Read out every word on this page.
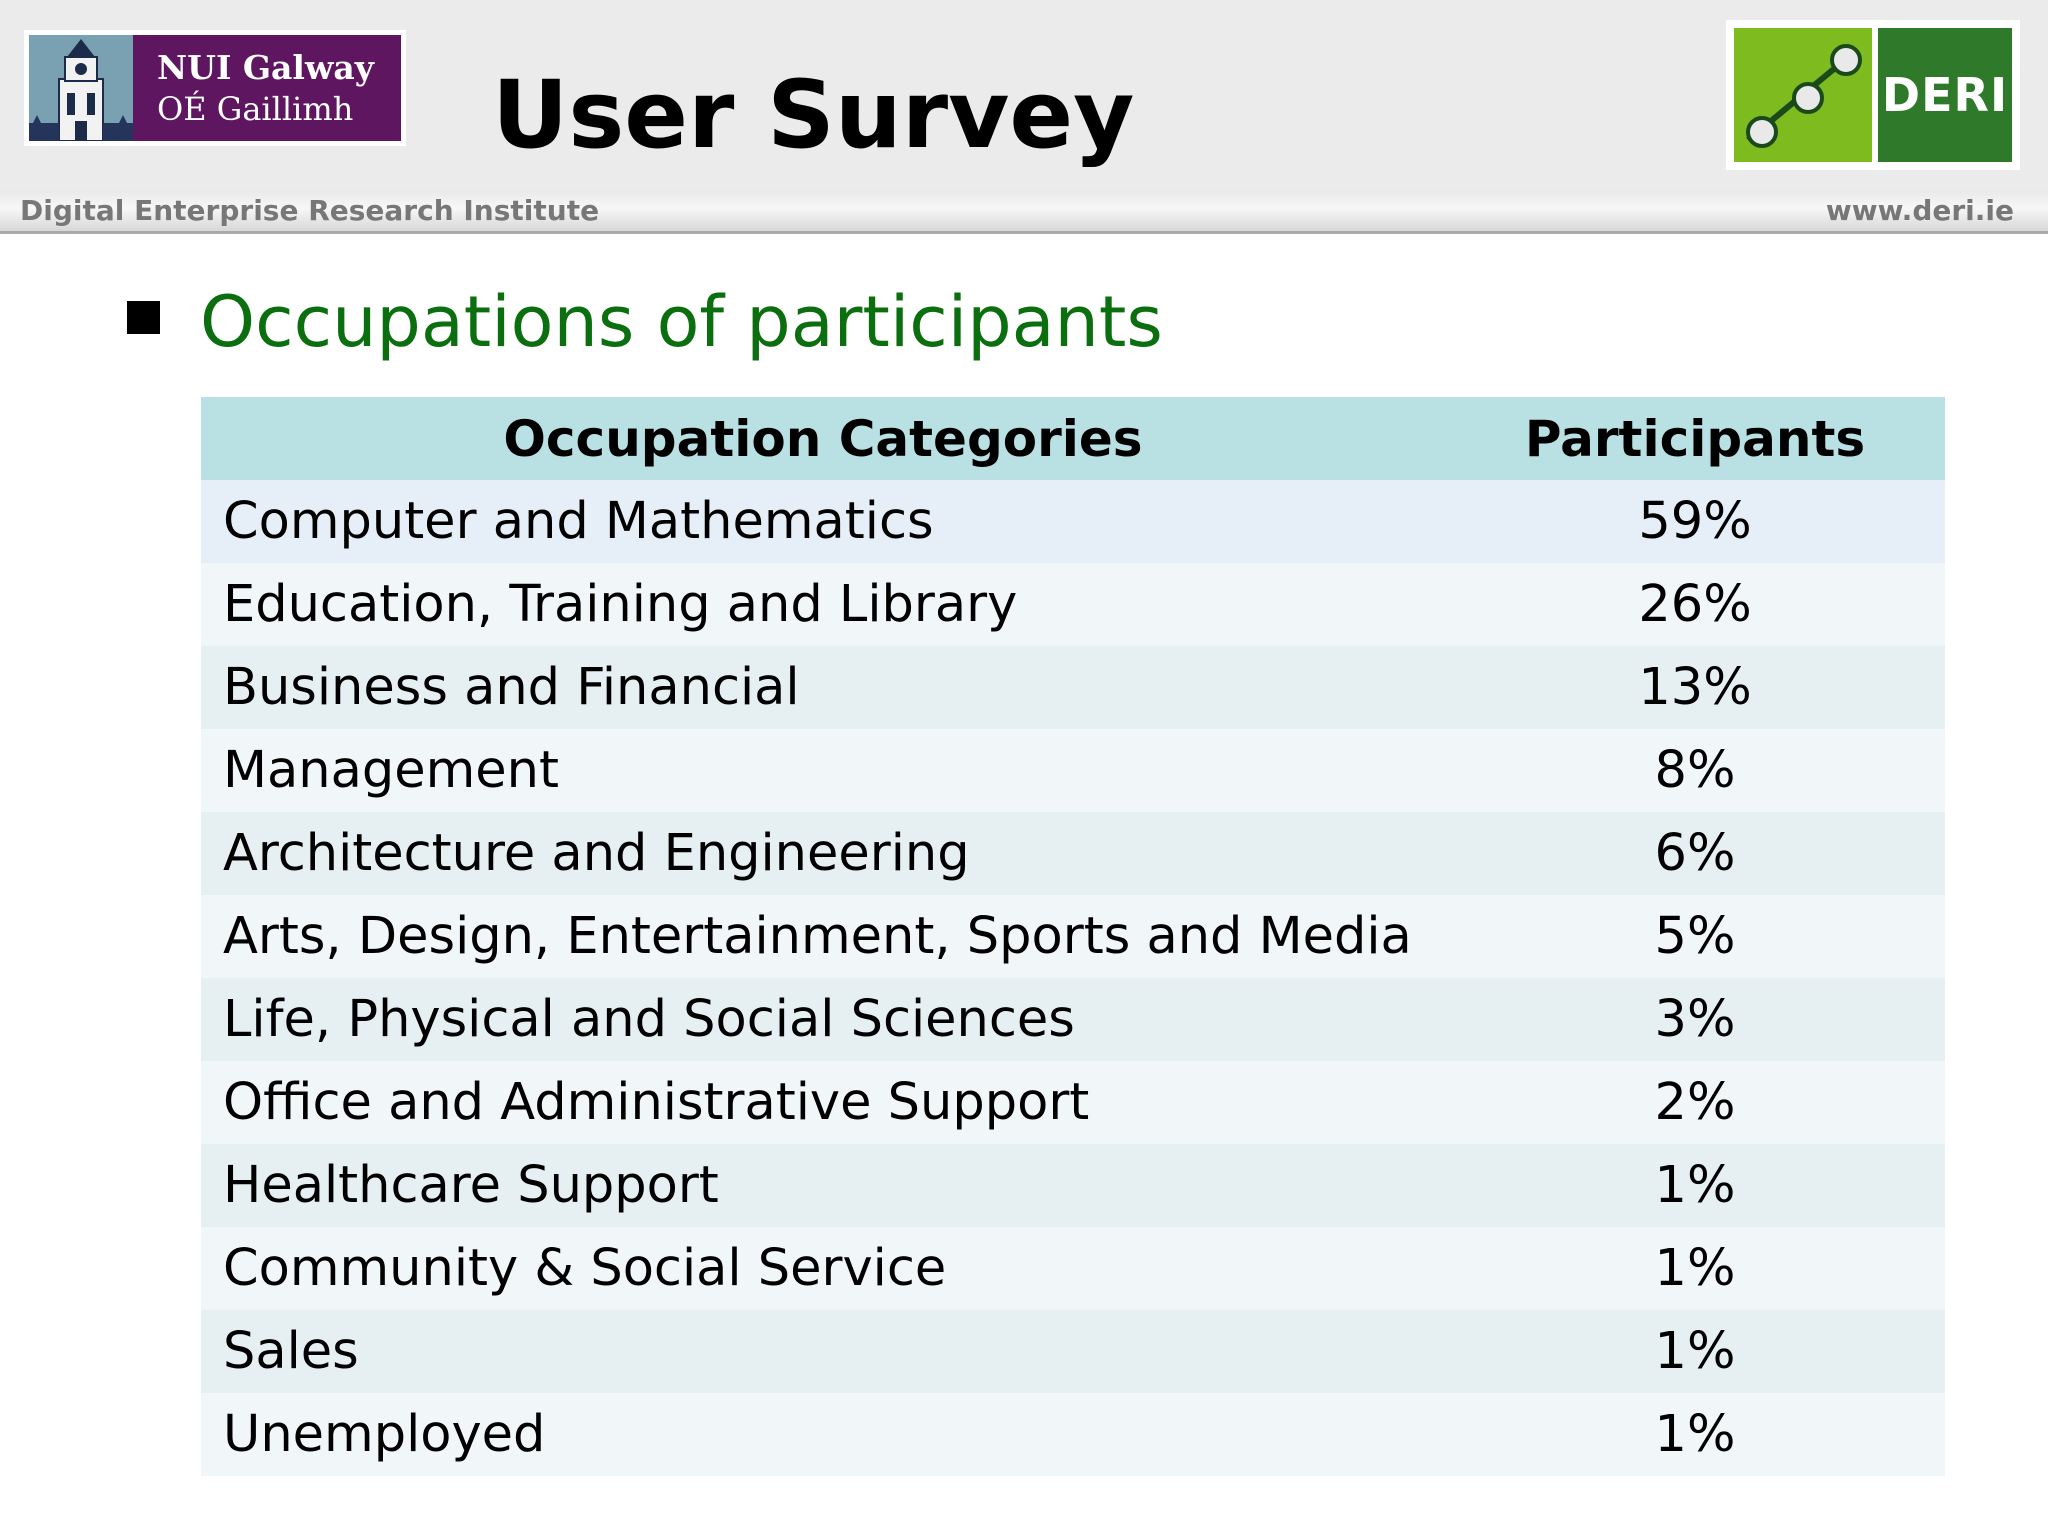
NUI Galway
OÉ Gaillimh	User Survey	DERI
Digital Enterprise Research Institute	www.deri.ie
Occupations of participants
Occupation Categories	Participants
Computer and Mathematics	59%
Education, Training and Library	26%
Business and Financial	13%
Management	8%
Architecture and Engineering	6%
Arts, Design, Entertainment, Sports and Media	5%
Life, Physical and Social Sciences	3%
Office and Administrative Support	2%
Healthcare Support	1%
Community & Social Service	1%
Sales	1%
Unemployed	1%
